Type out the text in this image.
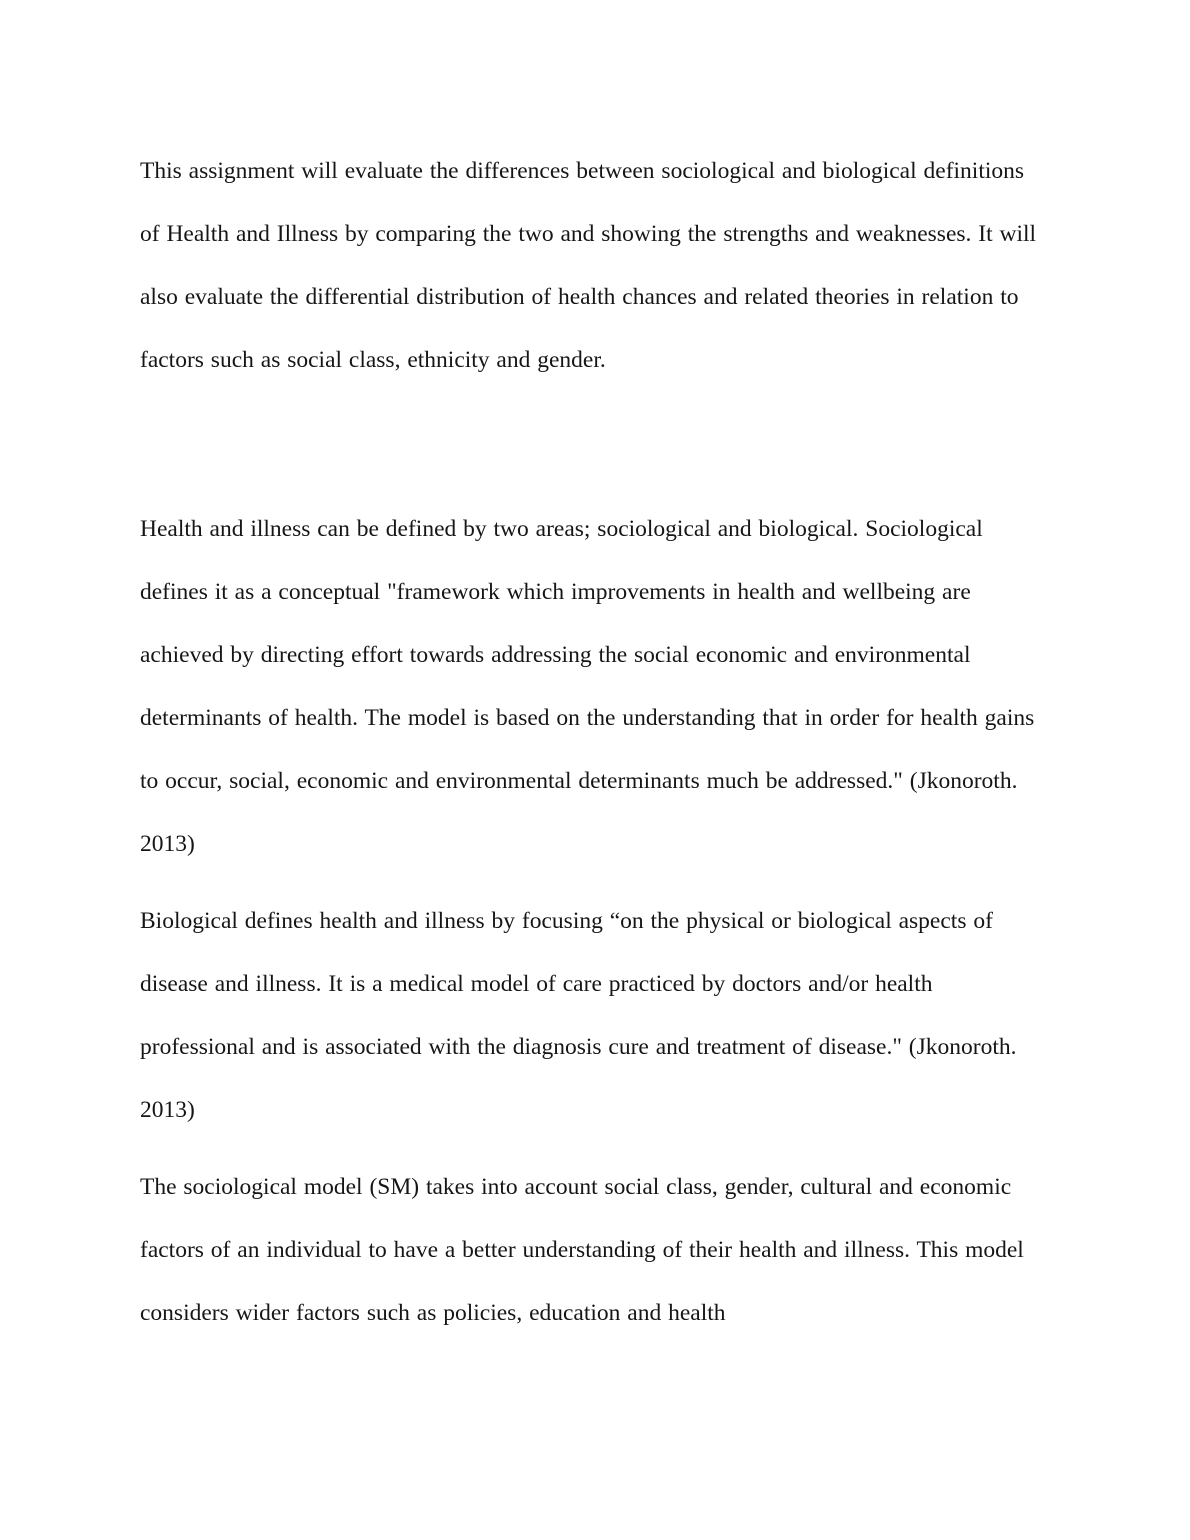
This assignment will evaluate the differences between sociological and biological definitions of Health and Illness by comparing the two and showing the strengths and weaknesses. It will also evaluate the differential distribution of health chances and related theories in relation to factors such as social class, ethnicity and gender.

Health and illness can be defined by two areas; sociological and biological. Sociological defines it as a conceptual "framework which improvements in health and wellbeing are achieved by directing effort towards addressing the social economic and environmental determinants of health. The model is based on the understanding that in order for health gains to occur, social, economic and environmental determinants much be addressed." (Jkonoroth. 2013)

Biological defines health and illness by focusing “on the physical or biological aspects of disease and illness. It is a medical model of care practiced by doctors and/or health professional and is associated with the diagnosis cure and treatment of disease." (Jkonoroth. 2013)

The sociological model (SM) takes into account social class, gender, cultural and economic factors of an individual to have a better understanding of their health and illness. This model considers wider factors such as policies, education and health
